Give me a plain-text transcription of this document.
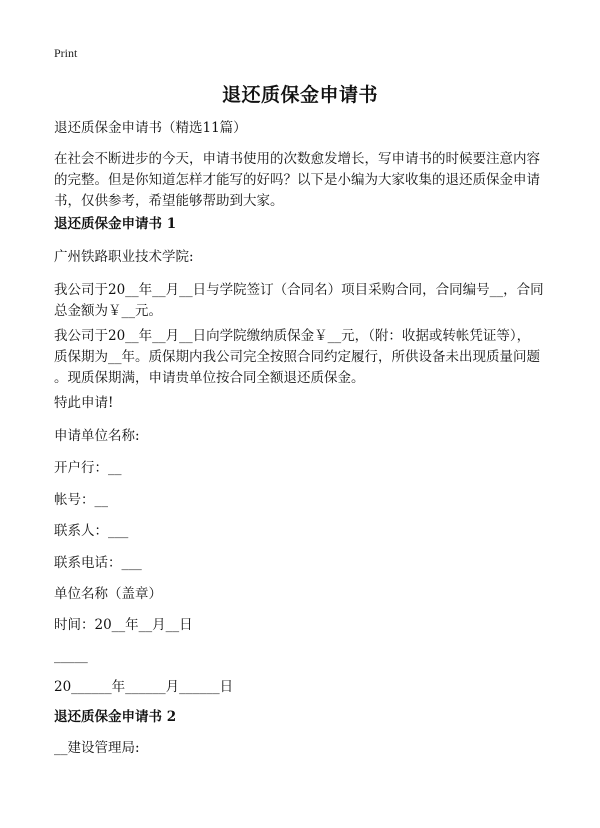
Print
退还质保金申请书
退还质保金申请书（精选11篇）
在社会不断进步的今天，申请书使用的次数愈发增长，写申请书的时候要注意内容
的完整。但是你知道怎样才能写的好吗？以下是小编为大家收集的退还质保金申请
书，仅供参考，希望能够帮助到大家。
退还质保金申请书 1
广州铁路职业技术学院:
我公司于20__年__月__日与学院签订（合同名）项目采购合同，合同编号__，合同
总金额为￥__元。
我公司于20__年__月__日向学院缴纳质保金￥__元，（附：收据或转帐凭证等），
质保期为__年。质保期内我公司完全按照合同约定履行，所供设备未出现质量问题
。现质保期满，申请贵单位按合同全额退还质保金。
特此申请!
申请单位名称:
开户行：__
帐号：__
联系人：___
联系电话：___
单位名称（盖章）
时间：20__年__月__日
_____
20______年______月______日
退还质保金申请书 2
__建设管理局:
